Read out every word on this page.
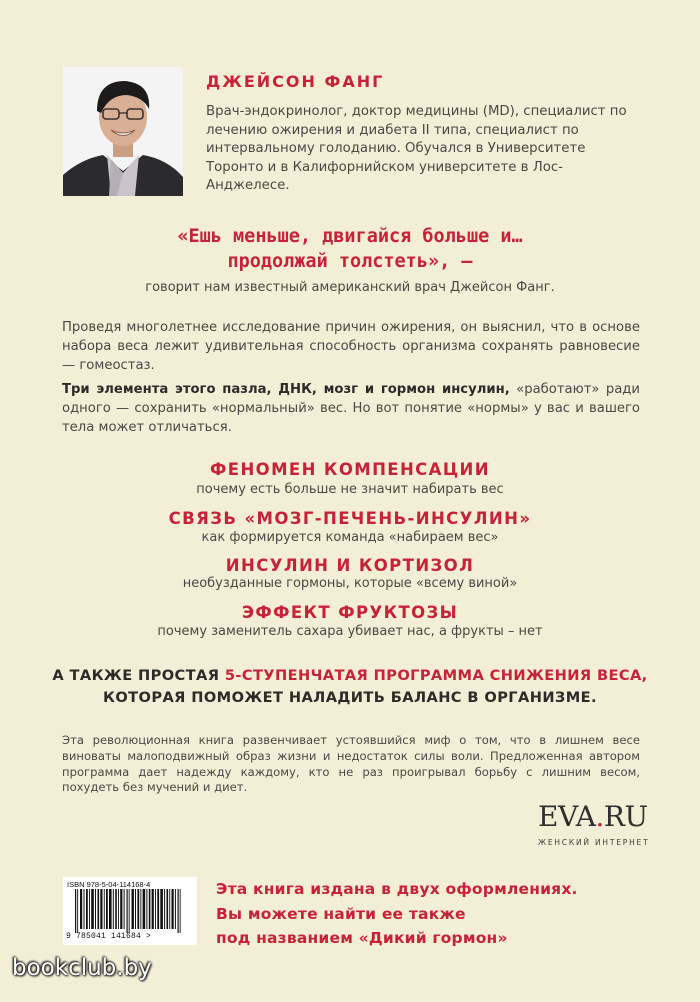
ДЖЕЙСОН ФАНГ
Врач-эндокринолог, доктор медицины (MD), специалист по лечению ожирения и диабета II типа, специалист по интервальному голоданию. Обучался в Университете Торонто и в Калифорнийском университете в Лос-Анджелесе.
«Ешь меньше, двигайся больше и…
продолжай толстеть», —
говорит нам известный американский врач Джейсон Фанг.
Проведя многолетнее исследование причин ожирения, он выяснил, что в основе набора веса лежит удивительная способность организма сохранять равновесие — гомеостаз.
Три элемента этого пазла, ДНК, мозг и гормон инсулин, «работают» ради одного — сохранить «нормальный» вес. Но вот понятие «нормы» у вас и вашего тела может отличаться.
ФЕНОМЕН КОМПЕНСАЦИИ
почему есть больше не значит набирать вес
СВЯЗЬ «МОЗГ-ПЕЧЕНЬ-ИНСУЛИН»
как формируется команда «набираем вес»
ИНСУЛИН И КОРТИЗОЛ
необузданные гормоны, которые «всему виной»
ЭФФЕКТ ФРУКТОЗЫ
почему заменитель сахара убивает нас, а фрукты – нет
А ТАКЖЕ ПРОСТАЯ 5-СТУПЕНЧАТАЯ ПРОГРАММА СНИЖЕНИЯ ВЕСА,
КОТОРАЯ ПОМОЖЕТ НАЛАДИТЬ БАЛАНС В ОРГАНИЗМЕ.
Эта революционная книга развенчивает устоявшийся миф о том, что в лишнем весе виноваты малоподвижный образ жизни и недостаток силы воли. Предложенная автором программа дает надежду каждому, кто не раз проигрывал борьбу с лишним весом, похудеть без мучений и диет.
EVA.RU
ЖЕНСКИЙ ИНТЕРНЕТ
ISBN 978-5-04-114168-4
9 785041 141684 >
Эта книга издана в двух оформлениях.
Вы можете найти ее также
под названием «Дикий гормон»
bookclub.by
